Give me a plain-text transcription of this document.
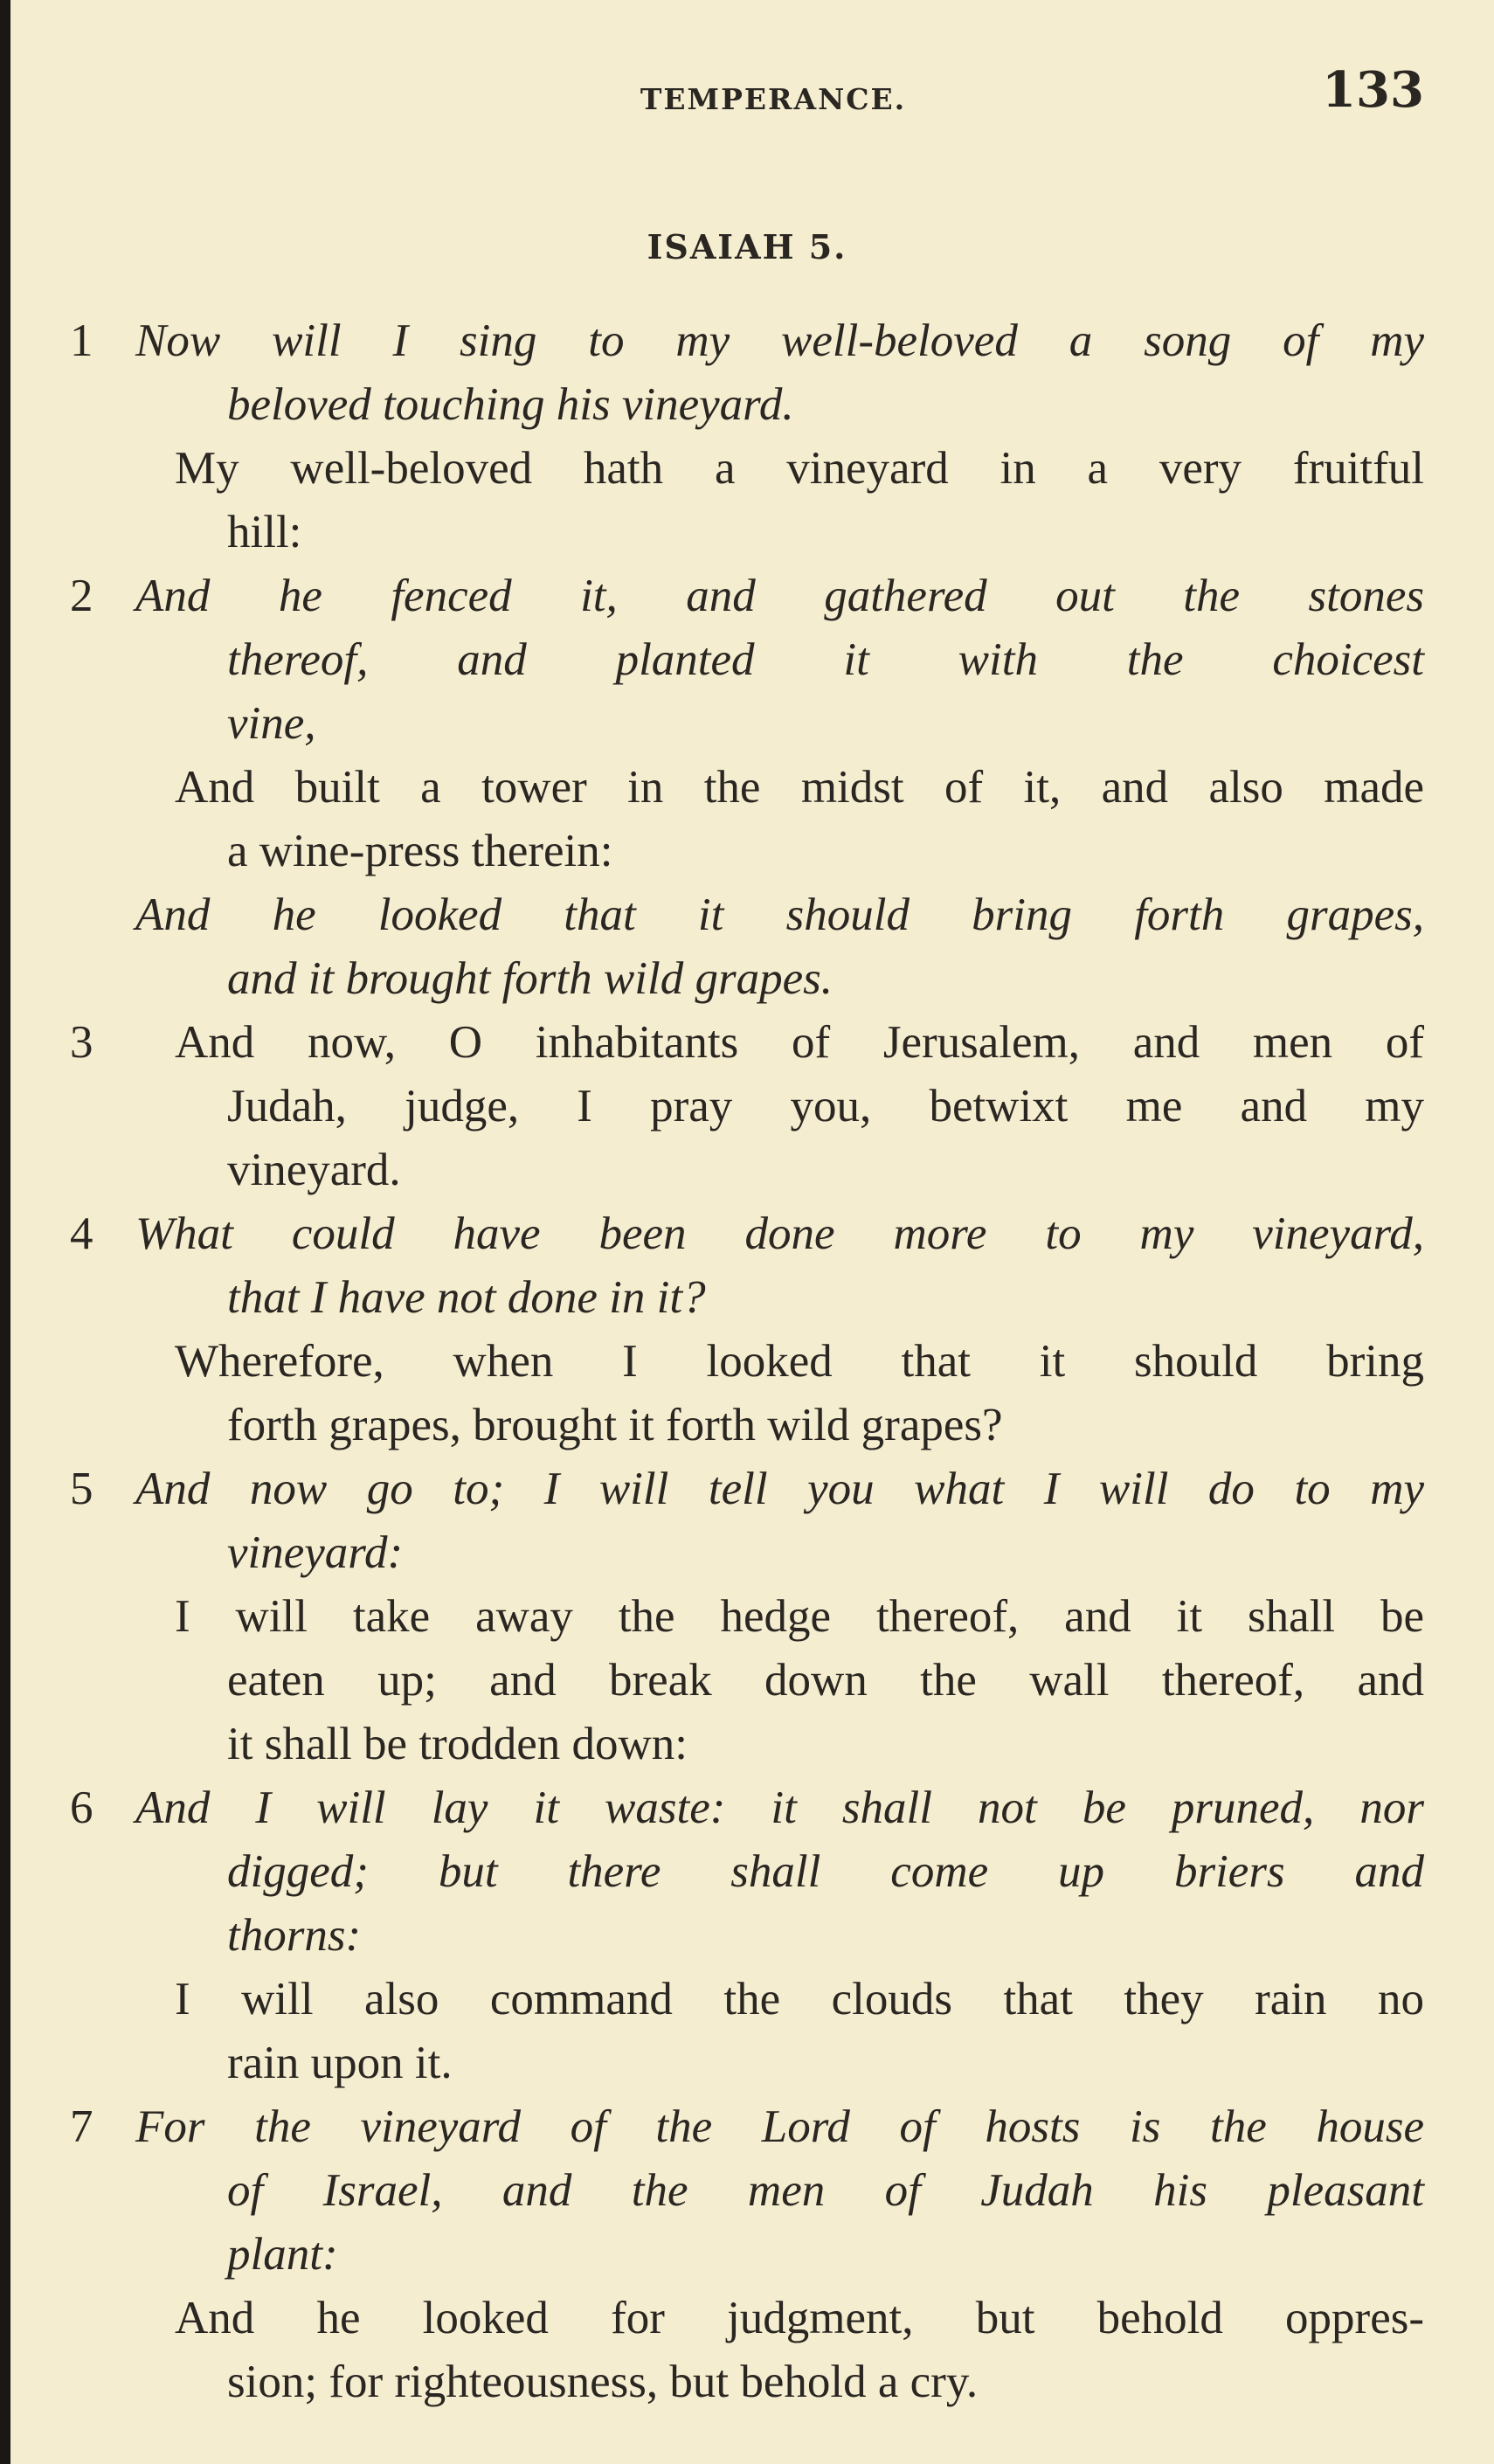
TEMPERANCE.	133
ISAIAH 5.
1 Now will I sing to my well-beloved a song of my
beloved touching his vineyard.
My well-beloved hath a vineyard in a very fruitful
hill:
2 And he fenced it, and gathered out the stones
thereof, and planted it with the choicest
vine,
And built a tower in the midst of it, and also made
a wine-press therein:
And he looked that it should bring forth grapes,
and it brought forth wild grapes.
3 And now, O inhabitants of Jerusalem, and men of
Judah, judge, I pray you, betwixt me and my
vineyard.
4 What could have been done more to my vineyard,
that I have not done in it?
Wherefore, when I looked that it should bring
forth grapes, brought it forth wild grapes?
5 And now go to; I will tell you what I will do to my
vineyard:
I will take away the hedge thereof, and it shall be
eaten up; and break down the wall thereof, and
it shall be trodden down:
6 And I will lay it waste: it shall not be pruned, nor
digged; but there shall come up briers and
thorns:
I will also command the clouds that they rain no
rain upon it.
7 For the vineyard of the Lord of hosts is the house
of Israel, and the men of Judah his pleasant
plant:
And he looked for judgment, but behold oppres-
sion; for righteousness, but behold a cry.
